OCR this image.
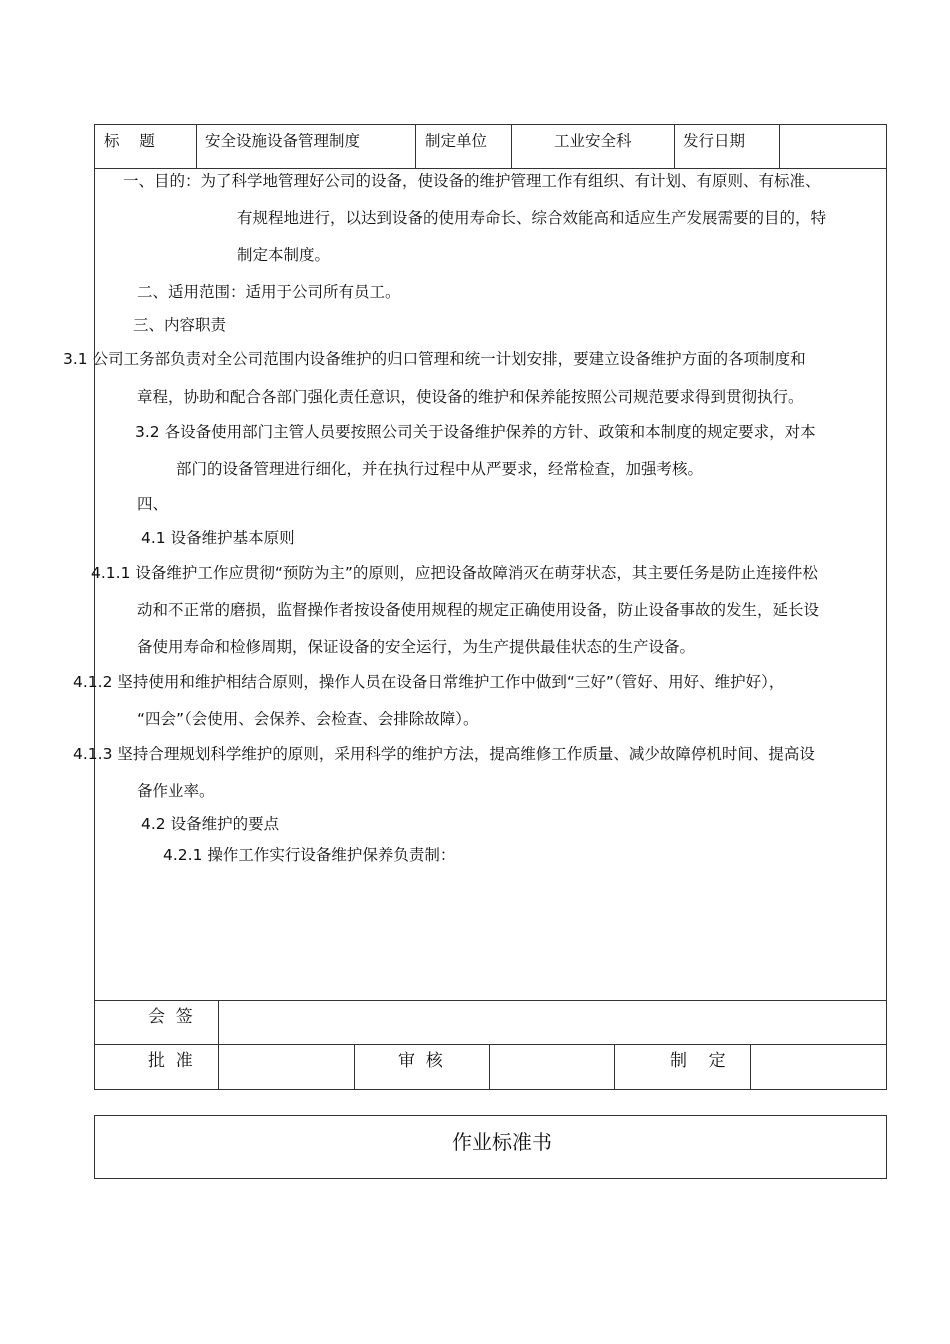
标    题	安全设施设备管理制度	制定单位	工业安全科	发行日期
一、目的：为了科学地管理好公司的设备，使设备的维护管理工作有组织、有计划、有原则、有标准、
有规程地进行，以达到设备的使用寿命长、综合效能高和适应生产发展需要的目的，特
制定本制度。
二、适用范围：适用于公司所有员工。
三、内容职责
3.1 公司工务部负责对全公司范围内设备维护的归口管理和统一计划安排，要建立设备维护方面的各项制度和
章程，协助和配合各部门强化责任意识，使设备的维护和保养能按照公司规范要求得到贯彻执行。
3.2 各设备使用部门主管人员要按照公司关于设备维护保养的方针、政策和本制度的规定要求，对本
部门的设备管理进行细化，并在执行过程中从严要求，经常检查，加强考核。
四、
4.1 设备维护基本原则
4.1.1 设备维护工作应贯彻“预防为主”的原则，应把设备故障消灭在萌芽状态，其主要任务是防止连接件松
动和不正常的磨损，监督操作者按设备使用规程的规定正确使用设备，防止设备事故的发生，延长设
备使用寿命和检修周期，保证设备的安全运行，为生产提供最佳状态的生产设备。
4.1.2 坚持使用和维护相结合原则，操作人员在设备日常维护工作中做到“三好”（管好、用好、维护好），
“四会”（会使用、会保养、会检查、会排除故障）。
4.1.3 坚持合理规划科学维护的原则，采用科学的维护方法，提高维修工作质量、减少故障停机时间、提高设
备作业率。
4.2 设备维护的要点
4.2.1 操作工作实行设备维护保养负责制：
会  签
批  准	审  核	制    定
作业标准书
